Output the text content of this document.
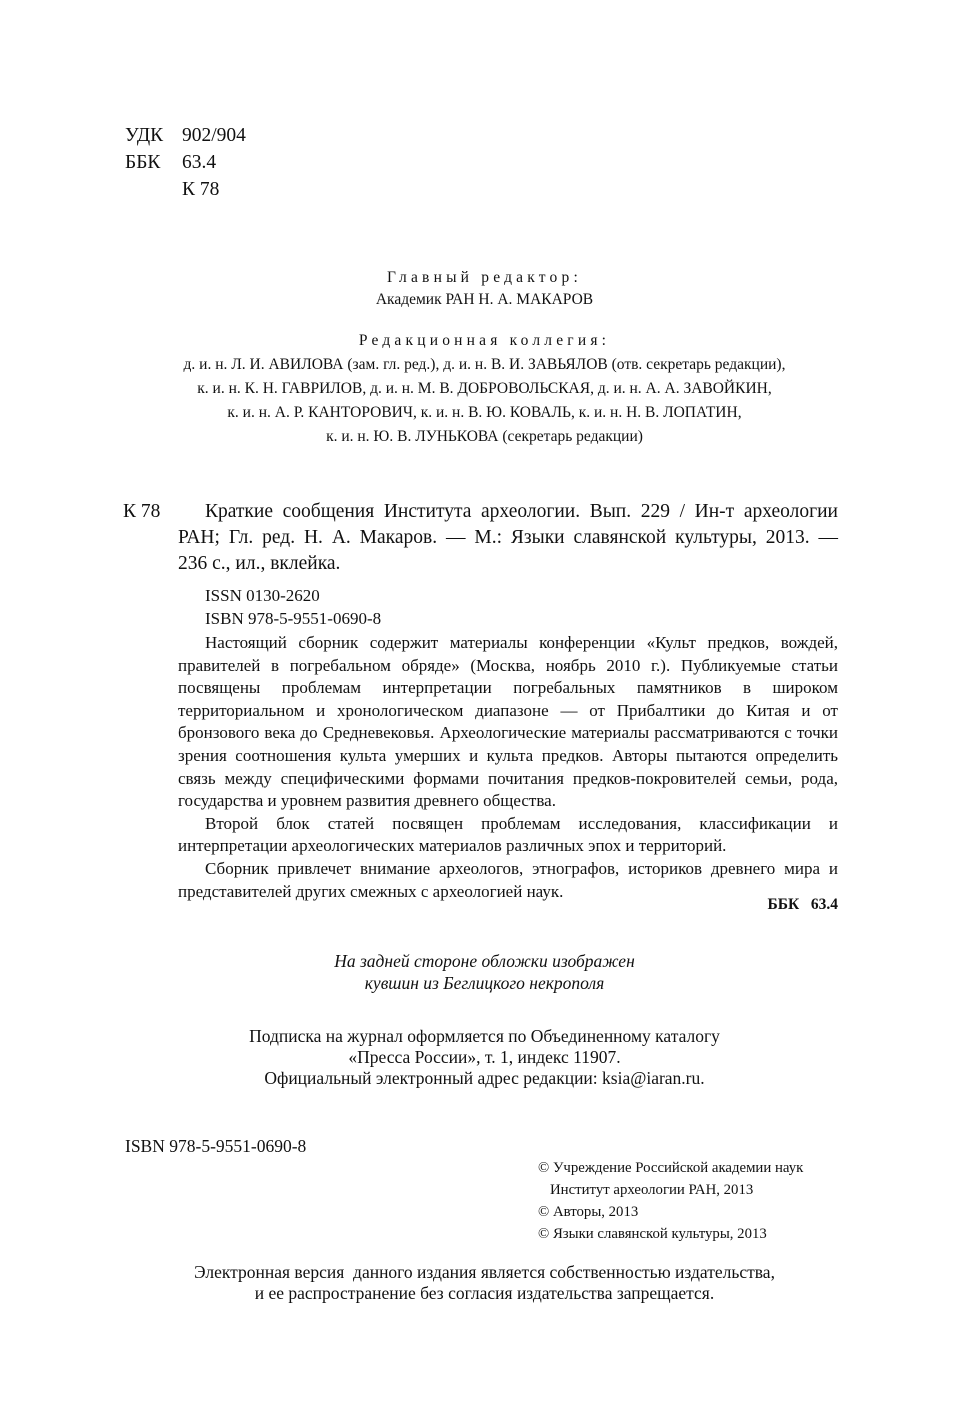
УДК 902/904
ББК	63.4
К 78
Главный редактор:
Академик РАН Н. А. МАКАРОВ
Редакционная коллегия:
д. и. н. Л. И. АВИЛОВА (зам. гл. ред.), д. и. н. В. И. ЗАВЬЯЛОВ (отв. секретарь редакции),
к. и. н. К. Н. ГАВРИЛОВ, д. и. н. М. В. ДОБРОВОЛЬСКАЯ, д. и. н. А. А. ЗАВОЙКИН,
к. и. н. А. Р. КАНТОРОВИЧ, к. и. н. В. Ю. КОВАЛЬ, к. и. н. Н. В. ЛОПАТИН,
к. и. н. Ю. В. ЛУНЬКОВА (секретарь редакции)
К 78	Краткие сообщения Института археологии. Вып. 229 / Ин-т археологии
РАН; Гл. ред. Н. А. Макаров. — М.: Языки славянской культуры, 2013. —
236 с., ил., вклейка.
ISSN 0130-2620
ISBN 978-5-9551-0690-8

Настоящий сборник содержит материалы конференции «Культ предков, вождей, правителей в погребальном обряде» (Москва, ноябрь 2010 г.). Публикуемые статьи посвящены проблемам интерпретации погребальных памятников в широком территориальном и хронологическом диапазоне — от Прибалтики до Китая и от бронзового века до Средневековья. Археологические материалы рассматриваются с точки зрения соотношения культа умерших и культа предков. Авторы пытаются определить связь между специфическими формами почитания предков-покровителей семьи, рода, государства и уровнем развития древнего общества.

Второй блок статей посвящен проблемам исследования, классификации и интерпретации археологических материалов различных эпох и территорий.

Сборник привлечет внимание археологов, этнографов, историков древнего мира и представителей других смежных с археологией наук.

ББК   63.4
На задней стороне обложки изображен
кувшин из Беглицкого некрополя
Подписка на журнал оформляется по Объединенному каталогу
«Пресса России», т. 1, индекс 11907.
Официальный электронный адрес редакции: ksia@iaran.ru.
ISBN 978-5-9551-0690-8
© Учреждение Российской академии наук
Институт археологии РАН, 2013
© Авторы, 2013
© Языки славянской культуры, 2013
Электронная версия  данного издания является собственностью издательства,
и ее распространение без согласия издательства запрещается.
